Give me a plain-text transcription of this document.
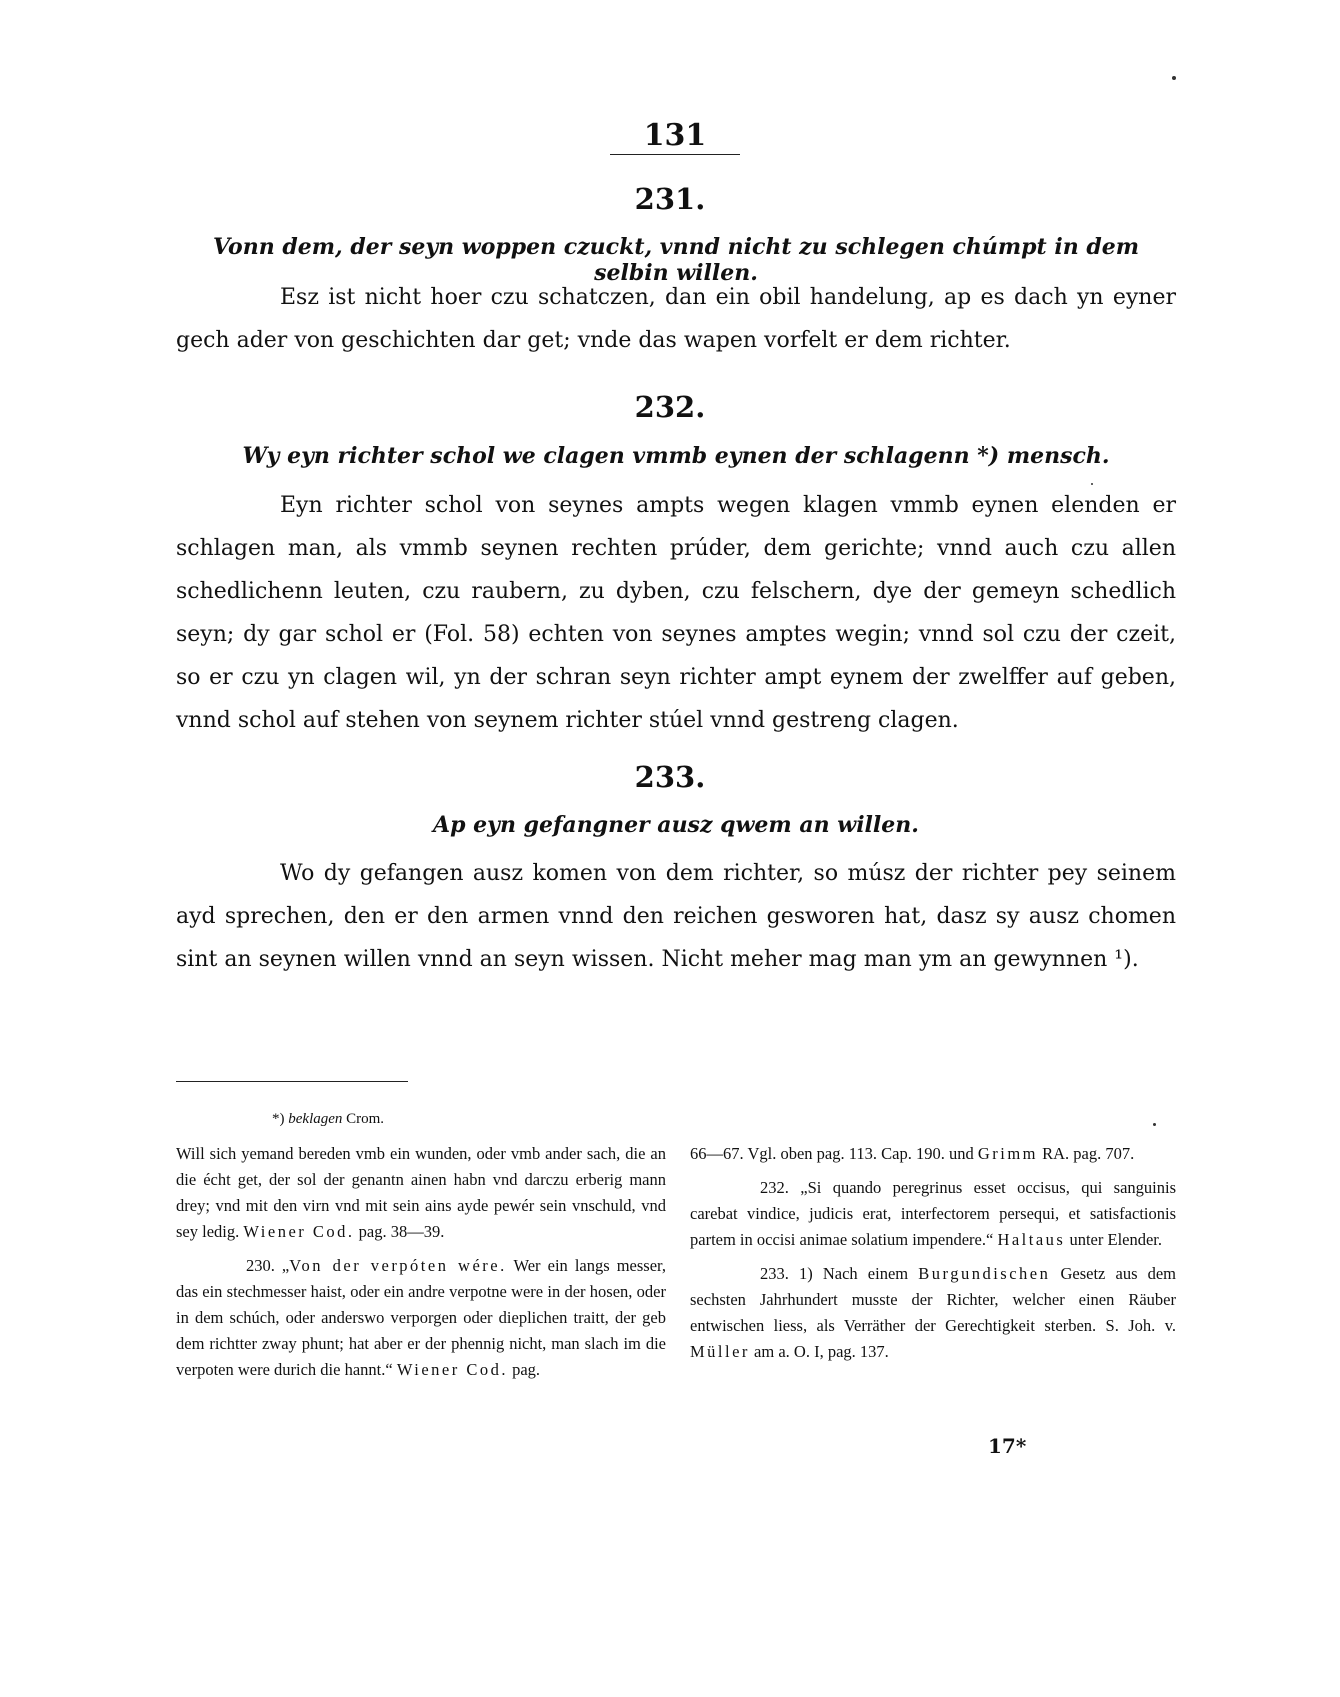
131
231.
Vonn dem, der seyn woppen czuckt, vnnd nicht zu schlegen chúmpt in dem selbin willen.

Esz ist nicht hoer czu schatczen, dan ein obil handelung, ap es dach yn eyner gech ader von geschichten dar get; vnde das wapen vorfelt er dem richter.

232.
Wy eyn richter schol we clagen vmmb eynen der schlagenn *) mensch.

Eyn richter schol von seynes ampts wegen klagen vmmb eynen elenden er schlagen man, als vmmb seynen rechten prúder, dem gerichte; vnnd auch czu allen schedlichenn leuten, czu raubern, zu dyben, czu felschern, dye der gemeyn schedlich seyn; dy gar schol er (Fol. 58) echten von seynes amptes wegin; vnnd sol czu der czeit, so er czu yn clagen wil, yn der schran seyn richter ampt eynem der zwelffer auf geben, vnnd schol auf stehen von seynem richter stúel vnnd gestreng clagen.

233.
Ap eyn gefangner ausz qwem an willen.

Wo dy gefangen ausz komen von dem richter, so músz der richter pey seinem ayd sprechen, den er den armen vnnd den reichen gesworen hat, dasz sy ausz chomen sint an seynen willen vnnd an seyn wissen. Nicht meher mag man ym an gewynnen ¹).

*) beklagen Crom.

Will sich yemand bereden vmb ein wunden, oder vmb ander sach, die an die écht get, der sol der genantn ainen habn vnd darczu erberig mann drey; vnd mit den virn vnd mit sein ains ayde pewér sein vnschuld, vnd sey ledig. Wiener Cod. pag. 38—39.

230. „Von der verpóten wére. Wer ein langs messer, das ein stechmesser haist, oder ein andre verpotne were in der hosen, oder in dem schúch, oder anderswo verporgen oder dieplichen traitt, der geb dem richtter zway phunt; hat aber er der phennig nicht, man slach im die verpoten were durich die hannt.“ Wiener Cod. pag.

66—67. Vgl. oben pag. 113. Cap. 190. und Grimm RA. pag. 707.

232. „Si quando peregrinus esset occisus, qui sanguinis carebat vindice, judicis erat, interfectorem persequi, et satisfactionis partem in occisi animae solatium impendere.“ Haltaus unter Elender.

233. 1) Nach einem Burgundischen Gesetz aus dem sechsten Jahrhundert musste der Richter, welcher einen Räuber entwischen liess, als Verräther der Gerechtigkeit sterben. S. Joh. v. Müller am a. O. I, pag. 137.

17*
